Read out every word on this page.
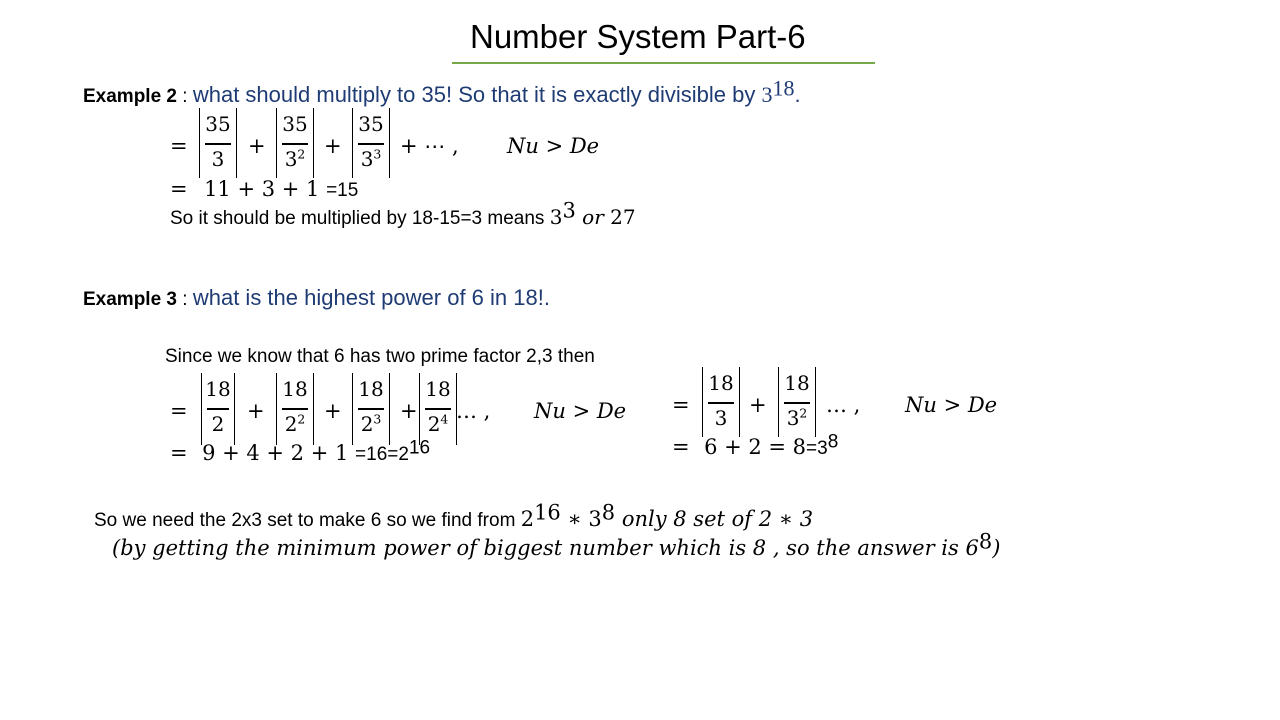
Number System Part-6
Example 2 : what should multiply to 35! So that it is exactly divisible by $3^{18}$.
=
35
3
+
35
$3^2$ +
35
$3^3$ + ⋯ , Nu > De
= 11 + 3 + 1 =15
So it should be multiplied by 18-15=3 means $3^3$ or 27
Example 3 : what is the highest power of 6 in 18!.
Since we know that 6 has two prime factor 2,3 then
=
18
2
+
18
$2^2$ +
18
$2^3$ +
18
$2^4$ … , Nu > De
= $9 + 4 + 2 + 1 =16=2^{16}$
=
18
3
+
18
$3^2$ … , Nu > De
= $6 + 2 = 8=3^8$
So we need the 2x3 set to make 6 so we find from $2^{16}$ ∗ $3^8$ only 8 set of 2 ∗ 3
(by getting the minimum power of biggest number which is 8 , so the answer is $6^8$)
